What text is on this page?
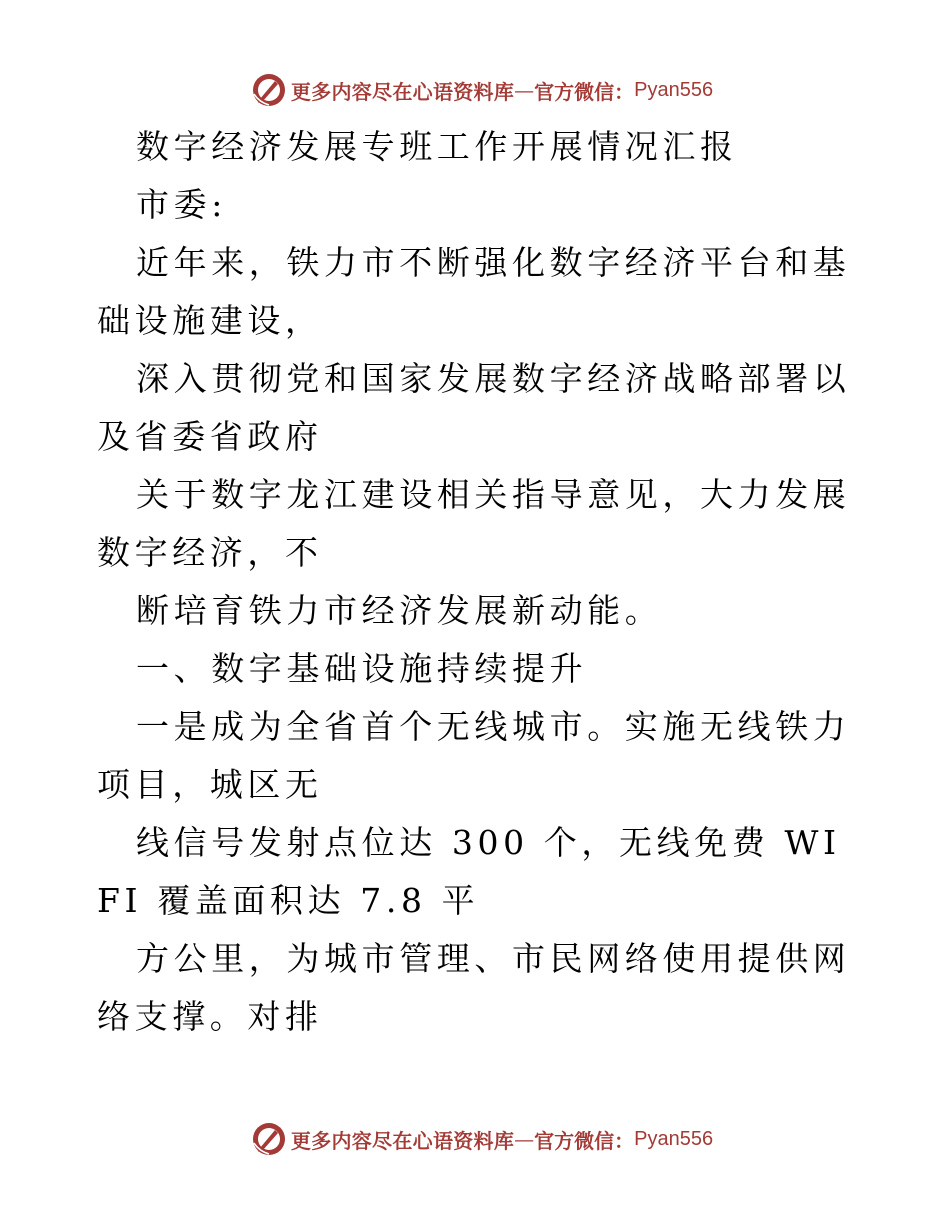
更多内容尽在心语资料库 — 官方微信： Pyan556

数字经济发展专班工作开展情况汇报

市委:

近年来，铁力市不断强化数字经济平台和基础设施建设，

深入贯彻党和国家发展数字经济战略部署以及省委省政府

关于数字龙江建设相关指导意见，大力发展数字经济，不

断培育铁力市经济发展新动能。

一、数字基础设施持续提升

一是成为全省首个无线城市。实施无线铁力项目，城区无

线信号发射点位达 300 个，无线免费 WIFI 覆盖面积达 7.8 平

方公里，为城市管理、市民网络使用提供网络支撑。对排

更多内容尽在心语资料库 — 官方微信： Pyan556
